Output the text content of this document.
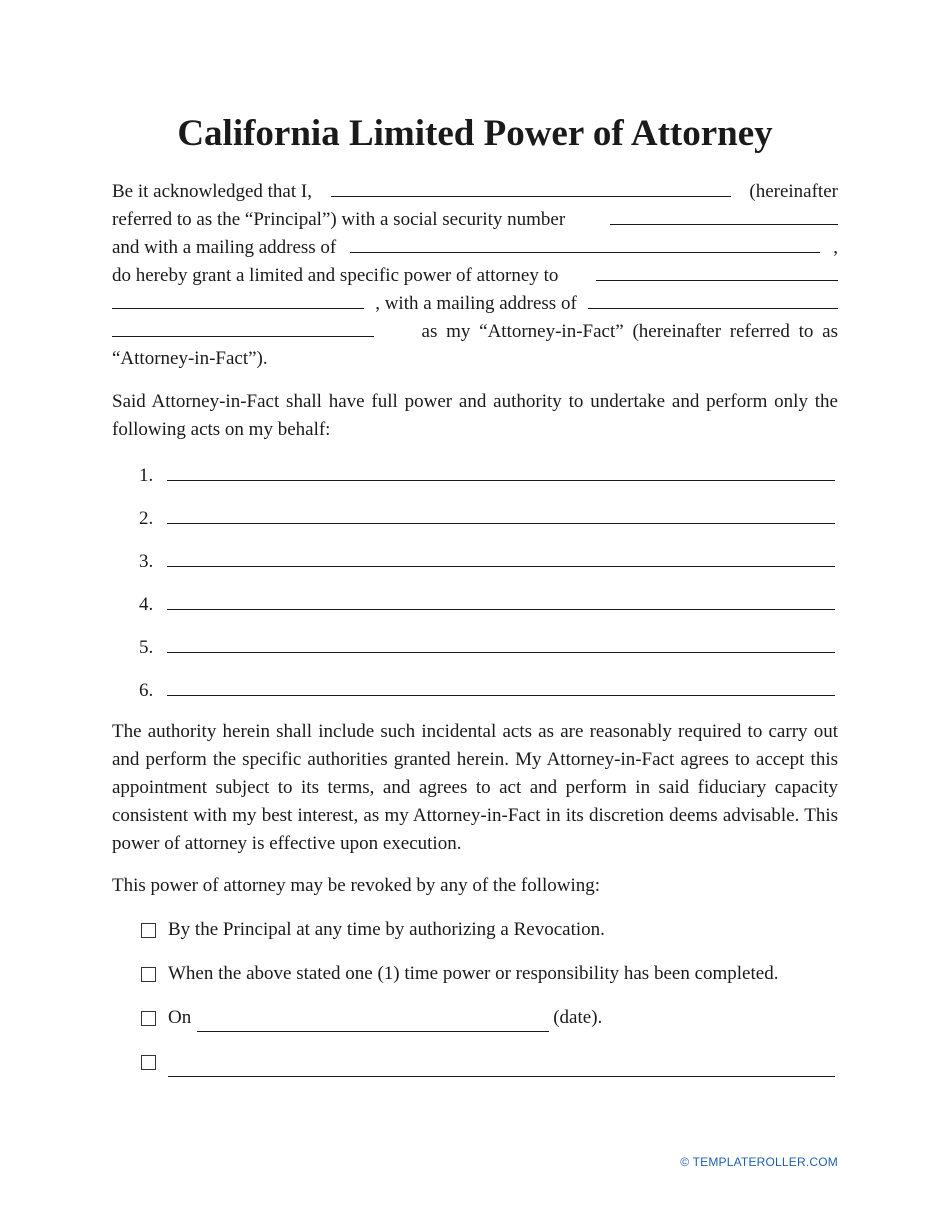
California Limited Power of Attorney
Be it acknowledged that I,	(hereinafter
referred to as the “Principal”) with a social security number
and with a mailing address of	,
do hereby grant a limited and specific power of attorney to
, with a mailing address of
as my “Attorney-in-Fact” (hereinafter referred to as
“Attorney-in-Fact”).
Said Attorney-in-Fact shall have full power and authority to undertake and perform only the following acts on my behalf:
1.
2.
3.
4.
5.
6.
The authority herein shall include such incidental acts as are reasonably required to carry out and perform the specific authorities granted herein. My Attorney-in-Fact agrees to accept this appointment subject to its terms, and agrees to act and perform in said fiduciary capacity consistent with my best interest, as my Attorney-in-Fact in its discretion deems advisable. This power of attorney is effective upon execution.
This power of attorney may be revoked by any of the following:
By the Principal at any time by authorizing a Revocation.
When the above stated one (1) time power or responsibility has been completed.
On	(date).
© TEMPLATEROLLER.COM
